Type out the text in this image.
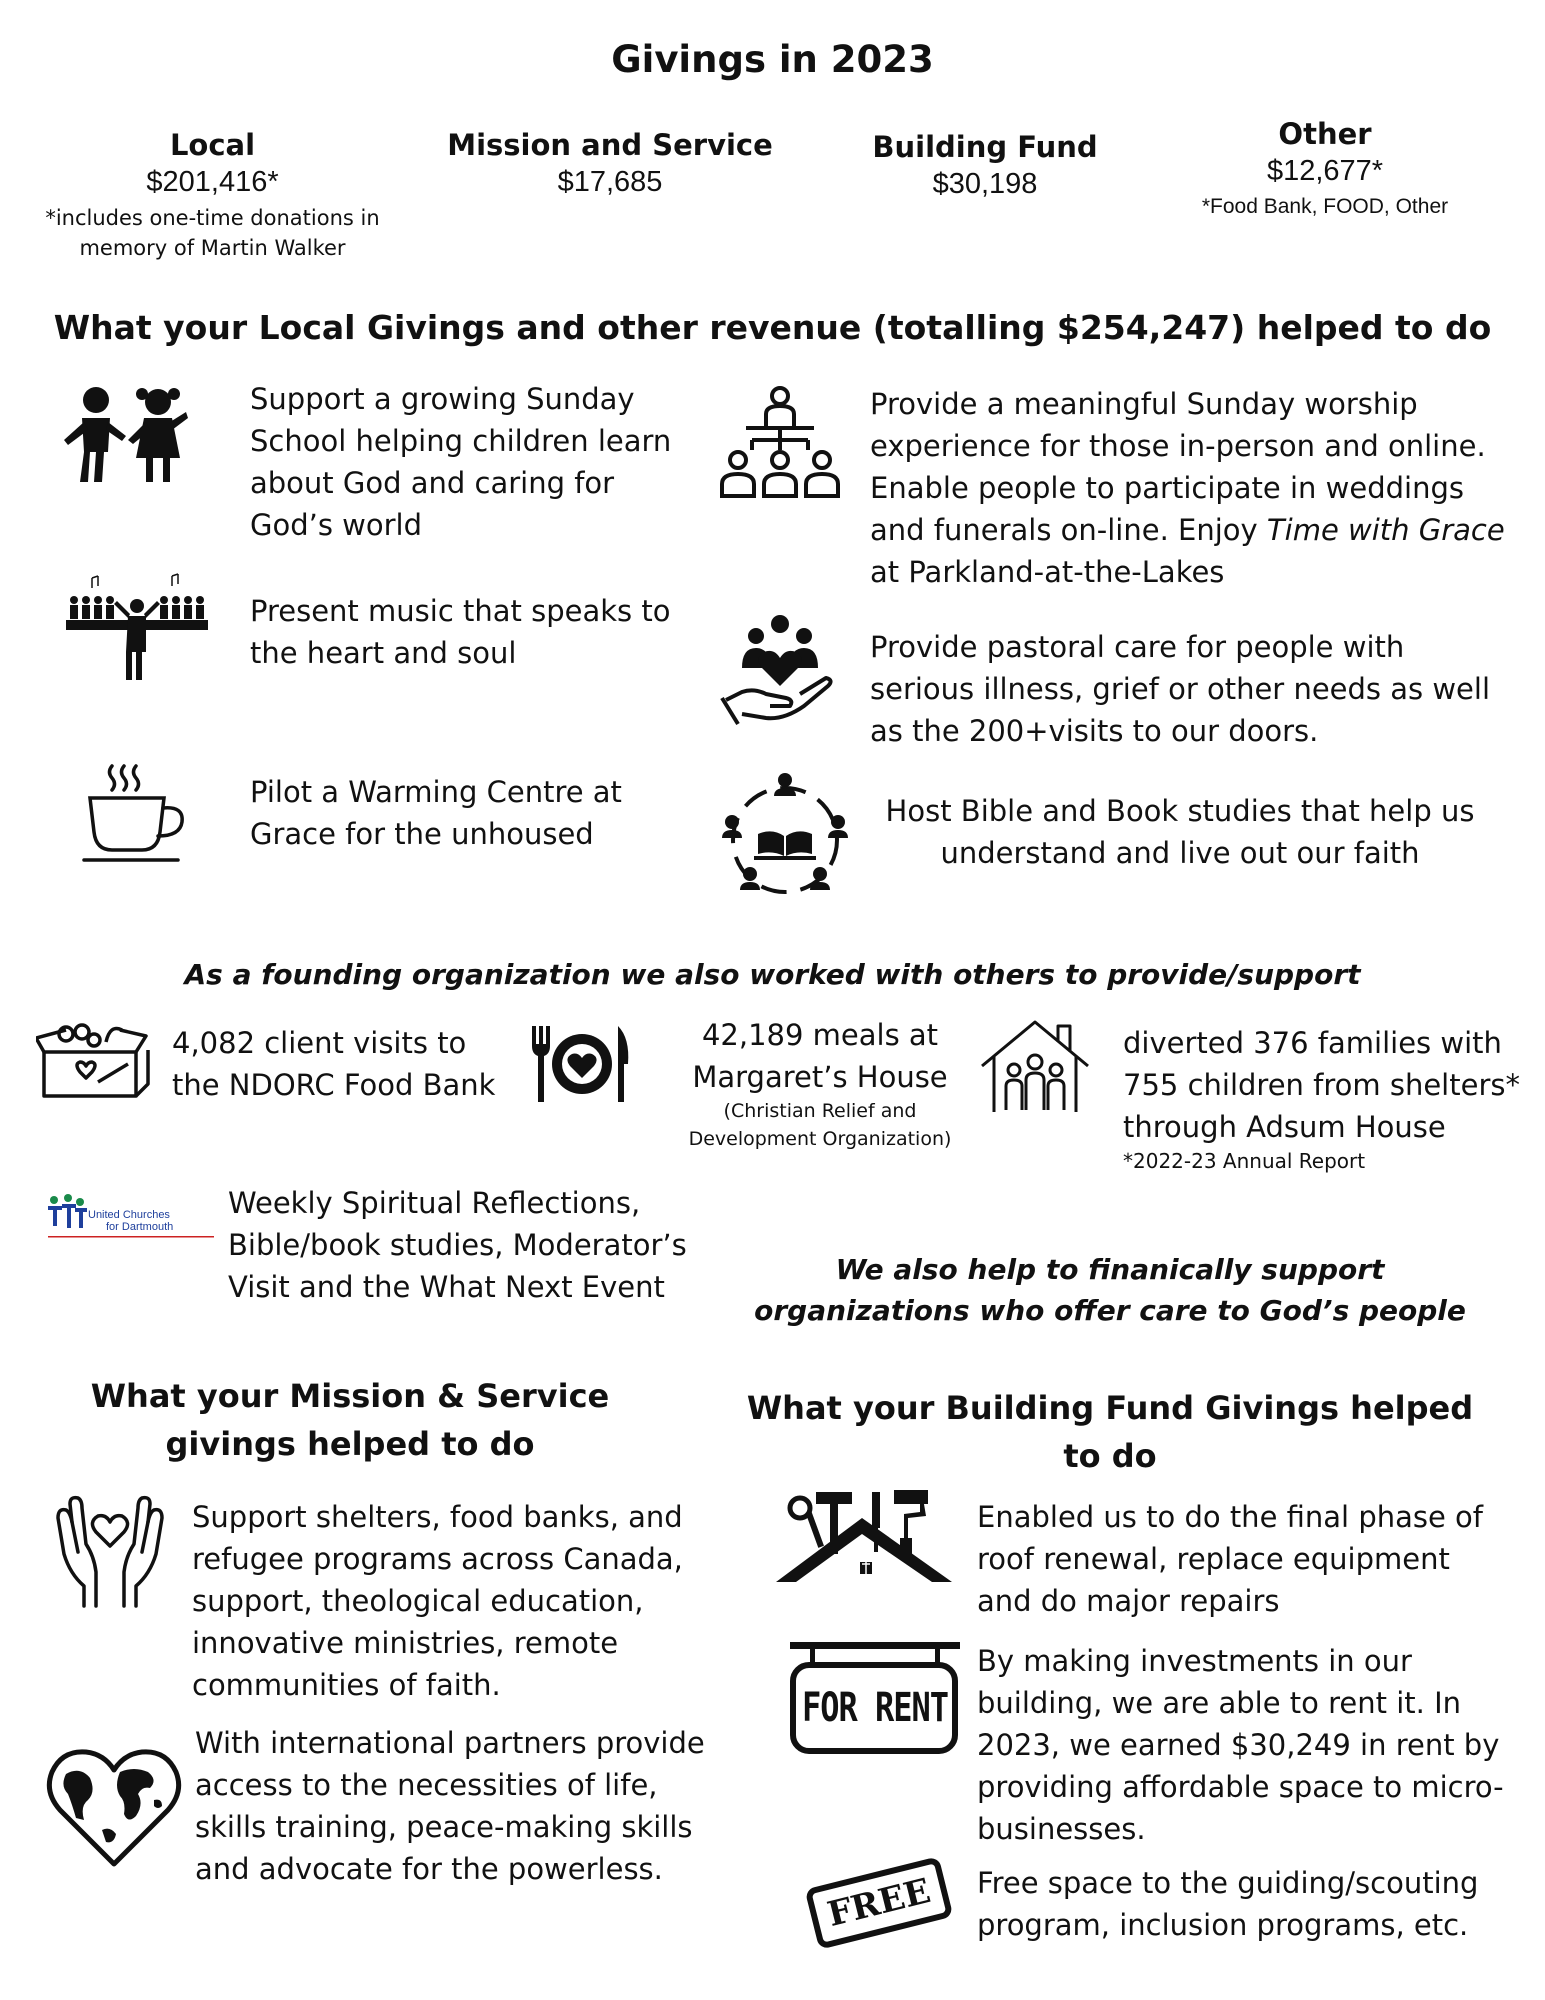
Givings in 2023
Local
$201,416*
*includes one-time donations in memory of Martin Walker
Mission and Service
$17,685
Building Fund
$30,198
Other
$12,677*
*Food Bank, FOOD, Other
What your Local Givings and other revenue (totalling $254,247) helped to do
Support a growing Sunday School helping children learn about God and caring for God’s world
Present music that speaks to the heart and soul
Pilot a Warming Centre at Grace for the unhoused
Provide a meaningful Sunday worship experience for those in-person and online. Enable people to participate in weddings and funerals on-line. Enjoy Time with Grace at Parkland-at-the-Lakes
Provide pastoral care for people with serious illness, grief or other needs as well as the 200+visits to our doors.
Host Bible and Book studies that help us understand and live out our faith
As a founding organization we also worked with others to provide/support
4,082 client visits to the NDORC Food Bank
42,189 meals at Margaret’s House
(Christian Relief and Development Organization)
diverted 376 families with 755 children from shelters* through Adsum House
*2022-23 Annual Report
United Churches
for Dartmouth
Weekly Spiritual Reflections, Bible/book studies, Moderator’s Visit and the What Next Event
We also help to finanically support organizations who offer care to God’s people
What your Mission & Service givings helped to do
Support shelters, food banks, and refugee programs across Canada, support, theological education, innovative ministries, remote communities of faith.
With international partners provide access to the necessities of life, skills training, peace-making skills and advocate for the powerless.
What your Building Fund Givings helped to do
Enabled us to do the final phase of roof renewal, replace equipment and do major repairs
FOR RENT
By making investments in our building, we are able to rent it. In 2023, we earned $30,249 in rent by providing affordable space to micro-businesses.
FREE	Free space to the guiding/scouting program, inclusion programs, etc.
